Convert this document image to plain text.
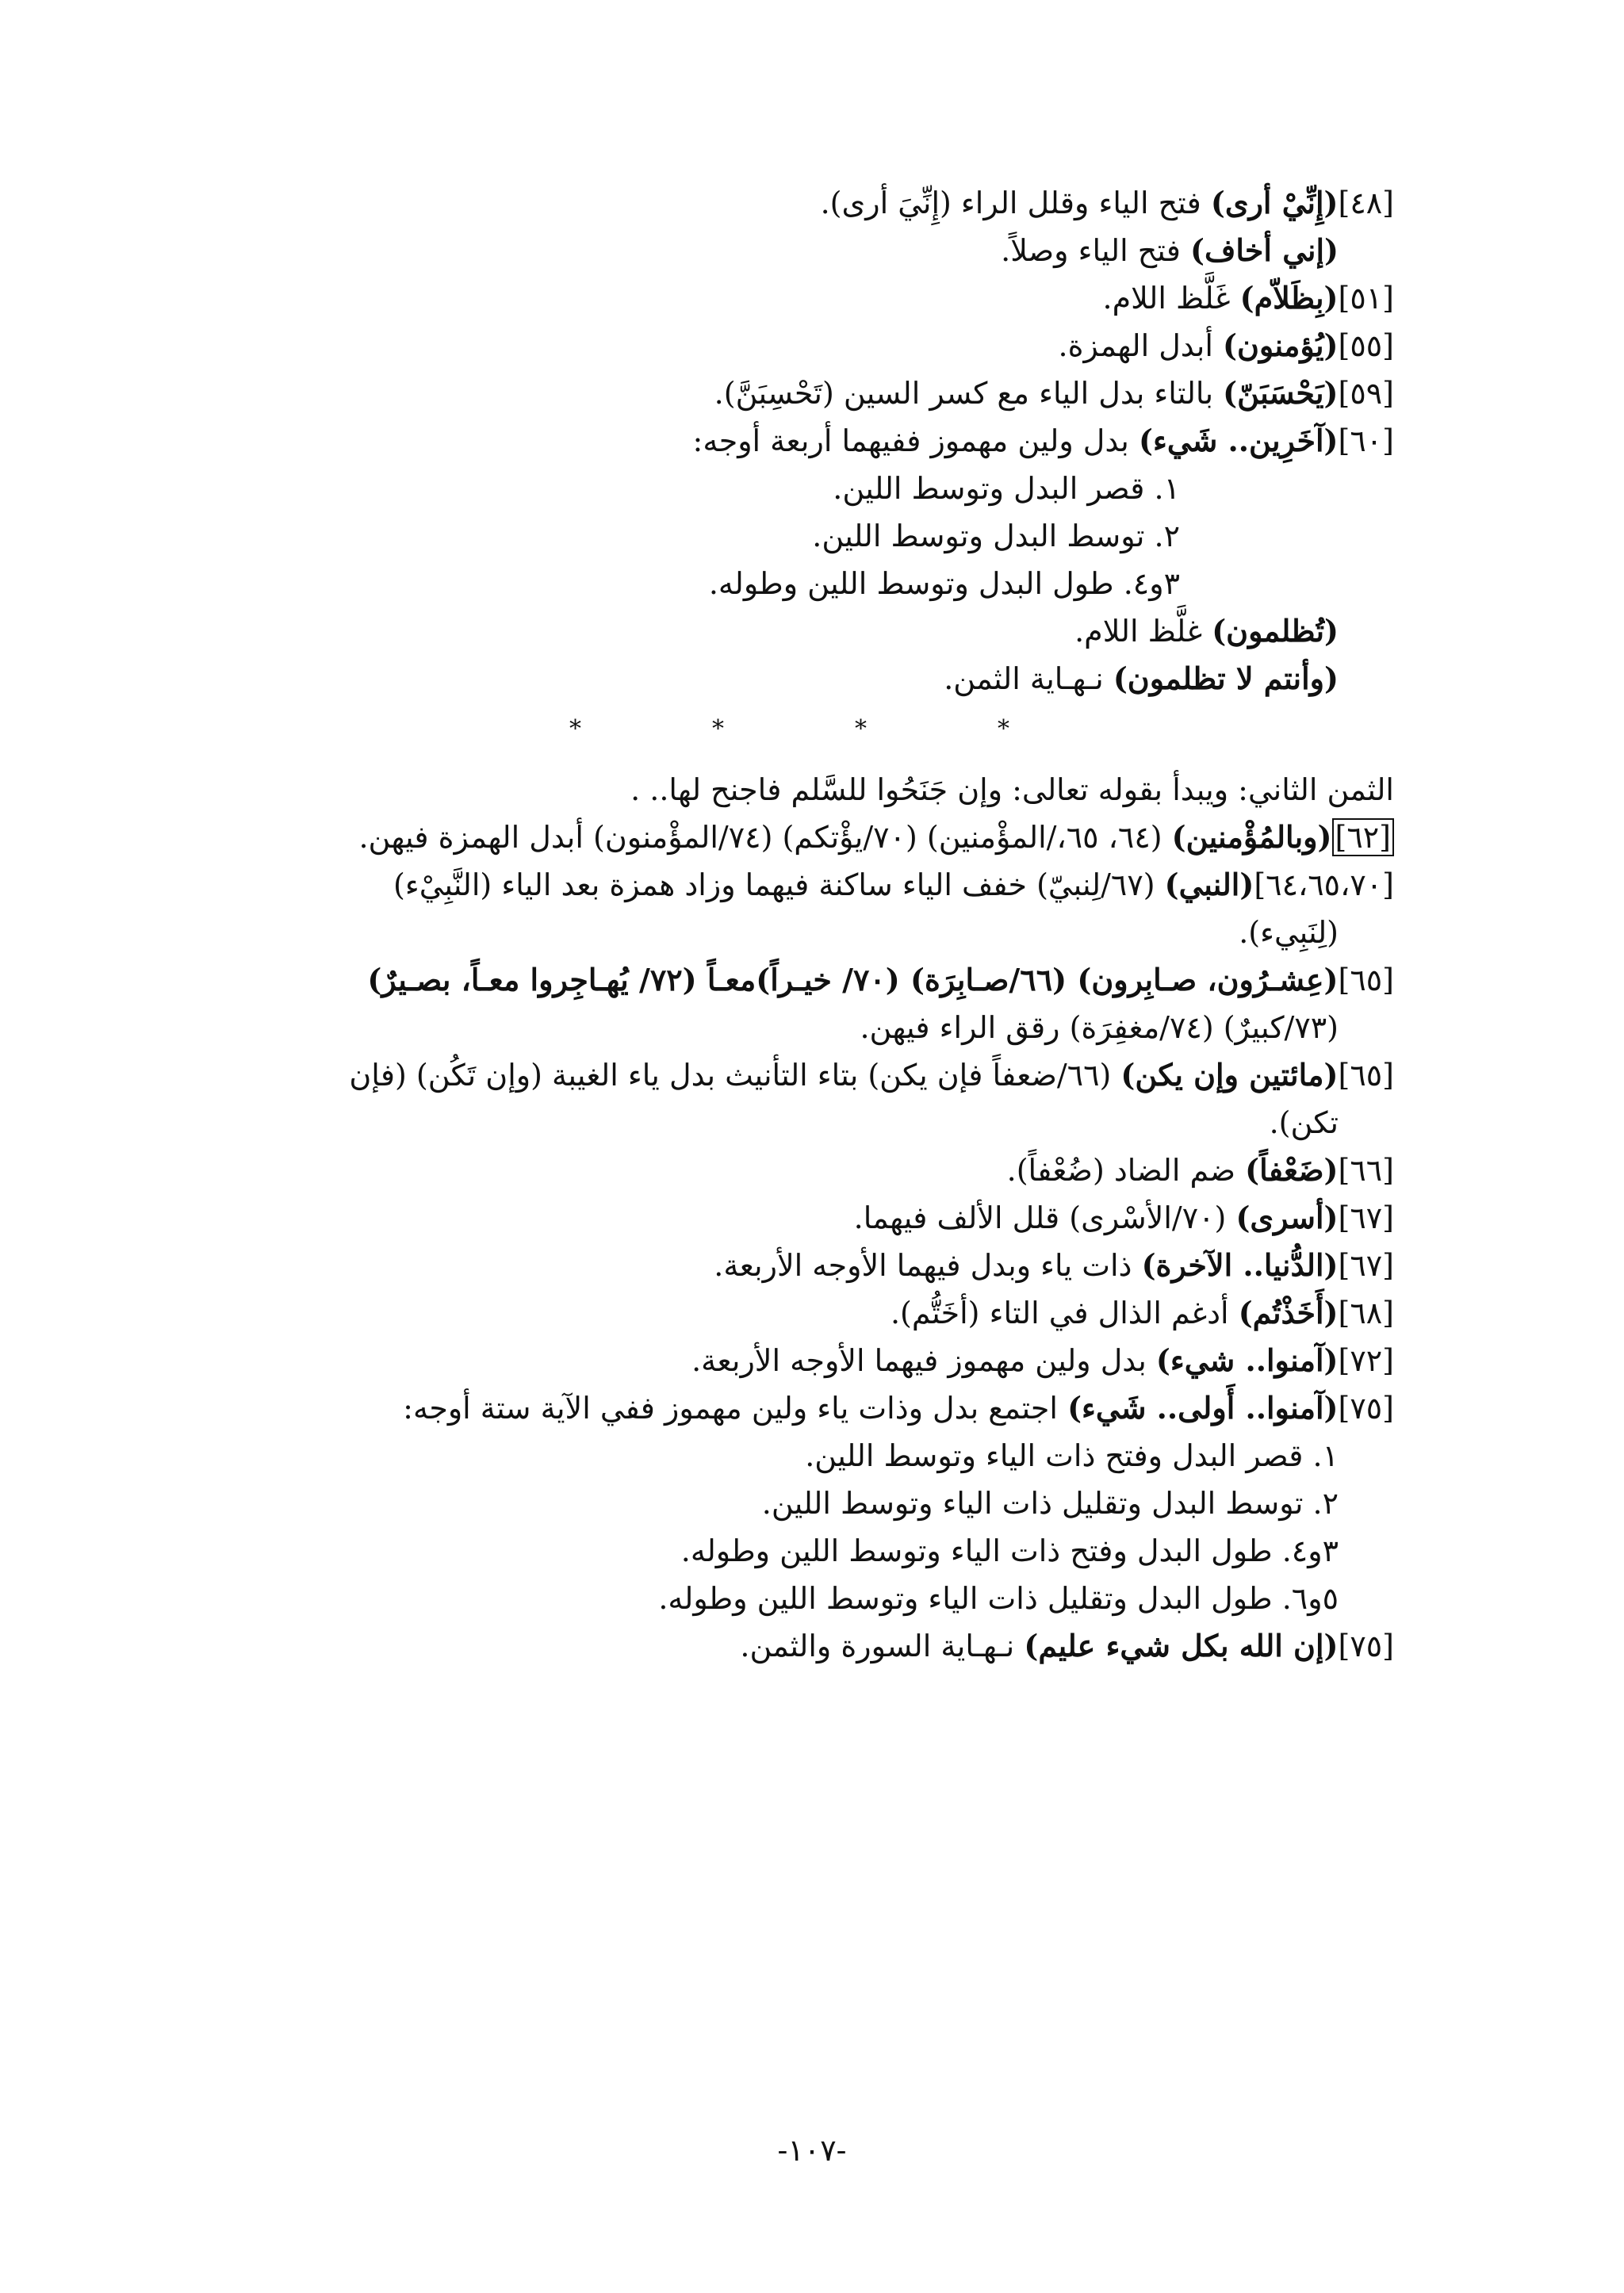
[٤٨](إِنِّيْ أرى) فتح الياء وقلل الراء (إِنِّيَ أرى).
(إني أخاف) فتح الياء وصلاً.
[٥١](بِظَلاّم) غَلَّظ اللام.
[٥٥](يُؤمنون) أبدل الهمزة.
[٥٩](يَحْسَبَنّ) بالتاء بدل الياء مع كسر السين (تَحْسِبَنَّ).
[٦٠](آخَرِين.. شَيء) بدل ولين مهموز ففيهما أربعة أوجه:
١. قصر البدل وتوسط اللين.
٢. توسط البدل وتوسط اللين.
٣و٤. طول البدل وتوسط اللين وطوله.
(تُظلمون) غلَّظ اللام.
(وأنتم لا تظلمون) نـهـاية الثمن.
*	*	*	*
الثمن الثاني: ويبدأ بقوله تعالى: وإن جَنَحُوا للسَّلم فاجنح لها.. .
[٦٢](وبالمُؤْمنين) (٦٤، ٦٥،/المؤْمنين) (٧٠/يؤْتكم) (٧٤/المؤْمنون) أبدل الهمزة فيهن.
[٦٤،٦٥،٧٠](النبي) (٦٧/لِنبيّ) خفف الياء ساكنة فيهما وزاد همزة بعد الياء (النَّبِيْء)
(لِنَبِيء).
[٦٥](عِشـرُون، صـابِرون) (٦٦/صـابِرَة) (٧٠/ خيـراً)معـاً (٧٢/ يُهـاجِروا معـاً، بصـيرٌ)
(٧٣/كبيرٌ) (٧٤/مغفِرَة) رقق الراء فيهن.
[٦٥](مائتين وإن يكن) (٦٦/ضعفاً فإن يكن) بتاء التأنيث بدل ياء الغيبة (وإن تَكُن) (فإن
تكن).
[٦٦](ضَعْفاً) ضم الضاد (ضُعْفاً).
[٦٧](أسرى) (٧٠/الأسْرى) قلل الألف فيهما.
[٦٧](الدُّنيا.. الآخرة) ذات ياء وبدل فيهما الأوجه الأربعة.
[٦٨](أَخَذْتُم) أدغم الذال في التاء (أخَتُّم).
[٧٢](آمنوا.. شيء) بدل ولين مهموز فيهما الأوجه الأربعة.
[٧٥](آمنوا.. أَولى.. شَيء) اجتمع بدل وذات ياء ولين مهموز ففي الآية ستة أوجه:
١. قصر البدل وفتح ذات الياء وتوسط اللين.
٢. توسط البدل وتقليل ذات الياء وتوسط اللين.
٣و٤. طول البدل وفتح ذات الياء وتوسط اللين وطوله.
٥و٦. طول البدل وتقليل ذات الياء وتوسط اللين وطوله.
[٧٥](إن الله بكل شيء عليم) نـهـاية السورة والثمن.
-١٠٧-
